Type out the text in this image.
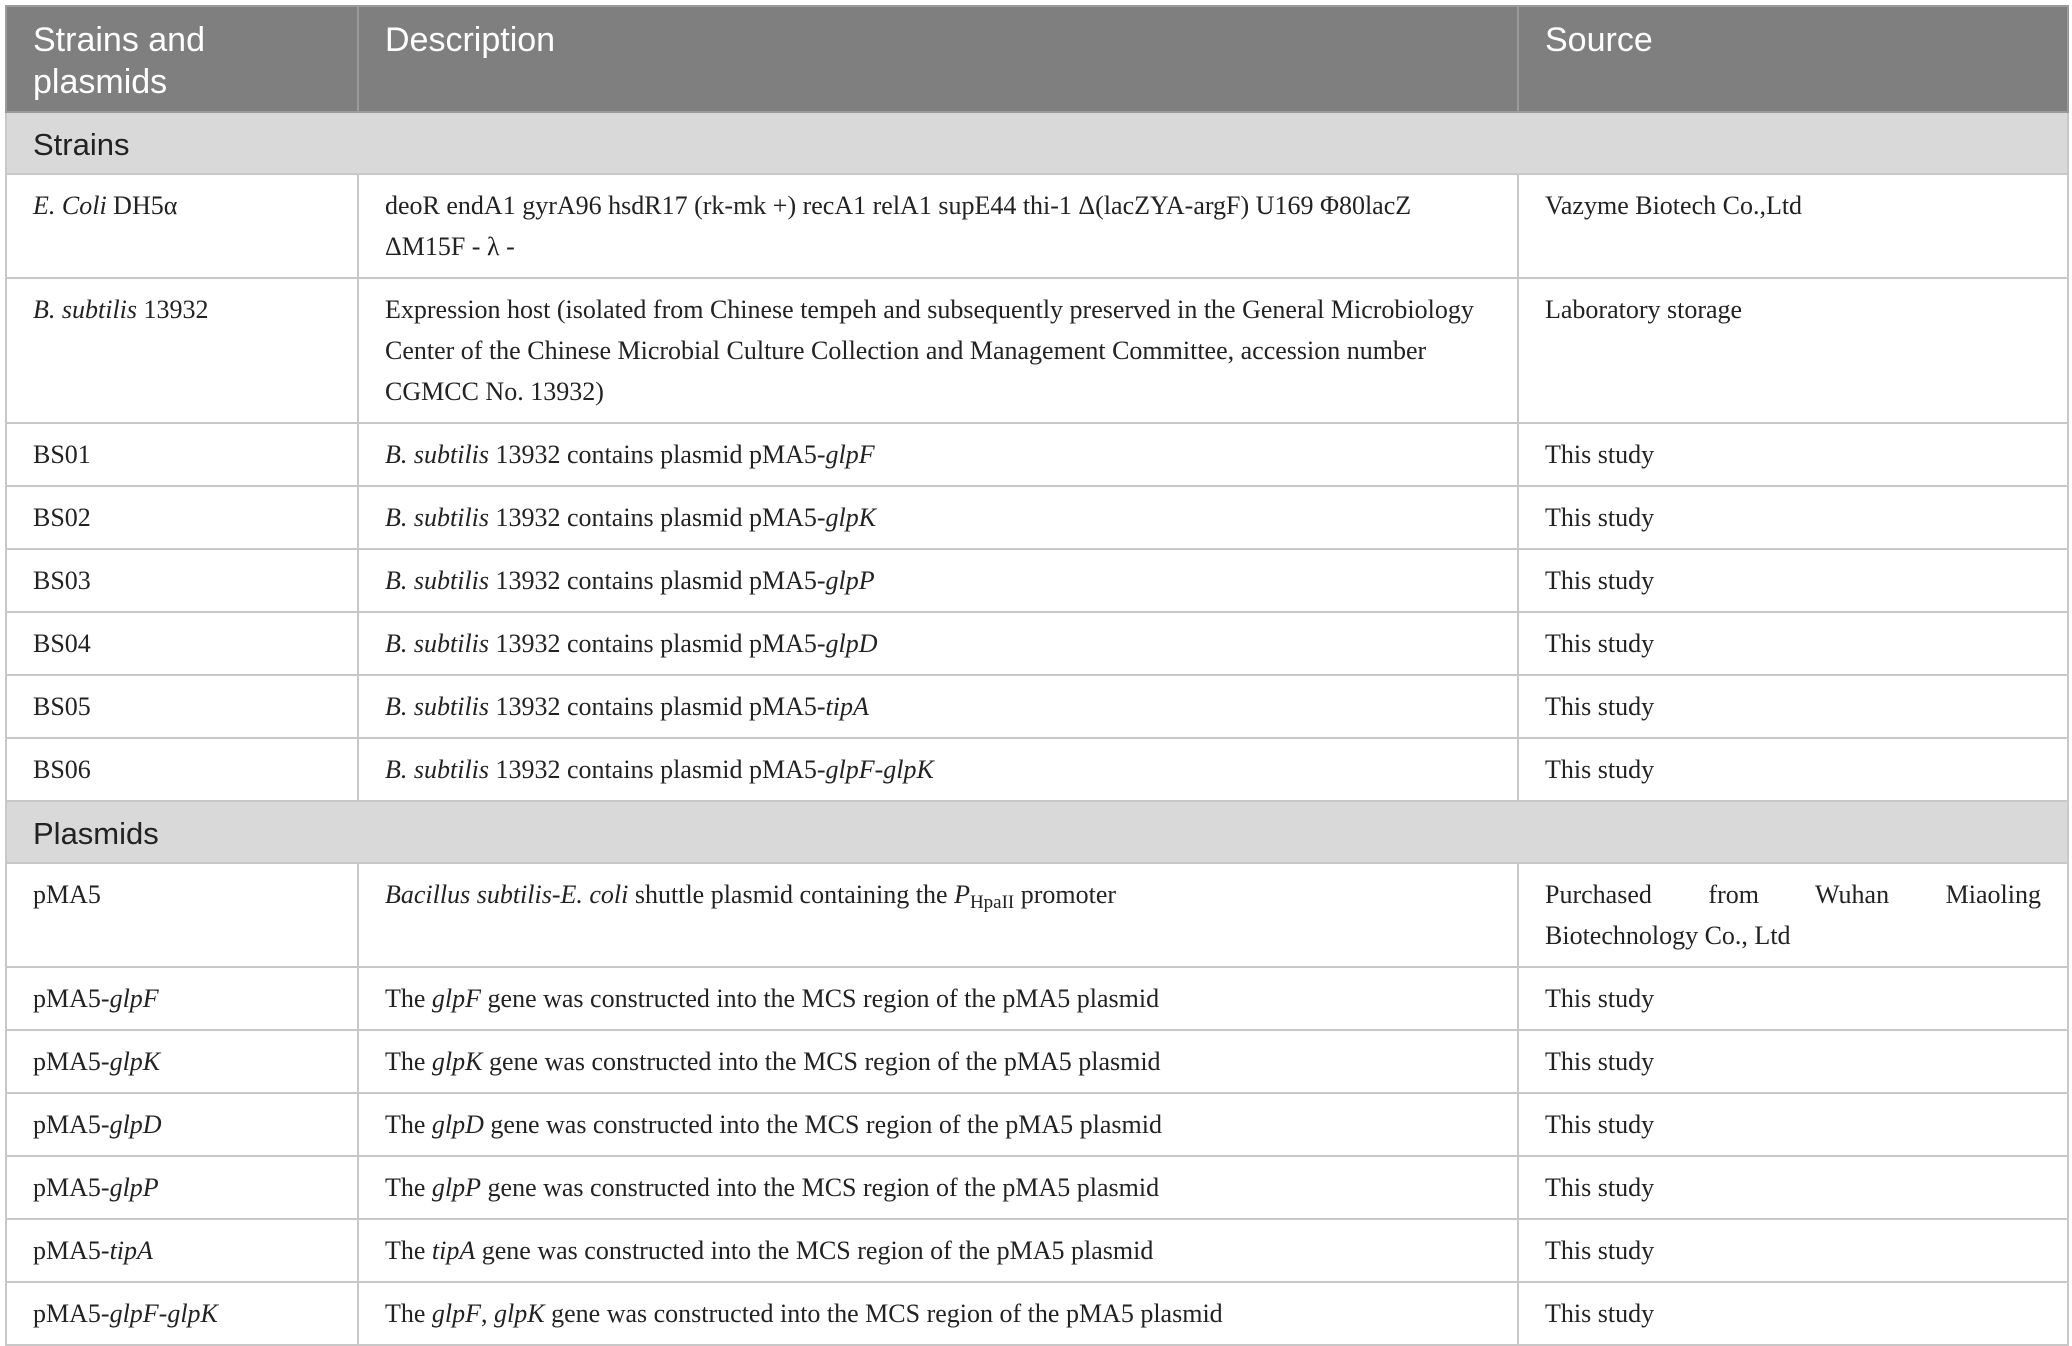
Strains and plasmids	Description	Source
Strains		
E. Coli DH5α	deoR endA1 gyrA96 hsdR17 (rk-mk +) recA1 relA1 supE44 thi-1 Δ(lacZYA-argF) U169 Φ80lacZ ΔM15F - λ -	Vazyme Biotech Co.,Ltd
B. subtilis 13932	Expression host (isolated from Chinese tempeh and subsequently preserved in the General Microbiology Center of the Chinese Microbial Culture Collection and Management Committee, accession number CGMCC No. 13932)	Laboratory storage
BS01	B. subtilis 13932 contains plasmid pMA5-glpF	This study
BS02	B. subtilis 13932 contains plasmid pMA5-glpK	This study
BS03	B. subtilis 13932 contains plasmid pMA5-glpP	This study
BS04	B. subtilis 13932 contains plasmid pMA5-glpD	This study
BS05	B. subtilis 13932 contains plasmid pMA5-tipA	This study
BS06	B. subtilis 13932 contains plasmid pMA5-glpF-glpK	This study
Plasmids		
pMA5	Bacillus subtilis-E. coli shuttle plasmid containing the $P_{HpaII}$ promoter	Purchased from Wuhan Miaoling Biotechnology Co., Ltd
pMA5-glpF	The glpF gene was constructed into the MCS region of the pMA5 plasmid	This study
pMA5-glpK	The glpK gene was constructed into the MCS region of the pMA5 plasmid	This study
pMA5-glpD	The glpD gene was constructed into the MCS region of the pMA5 plasmid	This study
pMA5-glpP	The glpP gene was constructed into the MCS region of the pMA5 plasmid	This study
pMA5-tipA	The tipA gene was constructed into the MCS region of the pMA5 plasmid	This study
pMA5-glpF-glpK	The glpF, glpK gene was constructed into the MCS region of the pMA5 plasmid	This study
